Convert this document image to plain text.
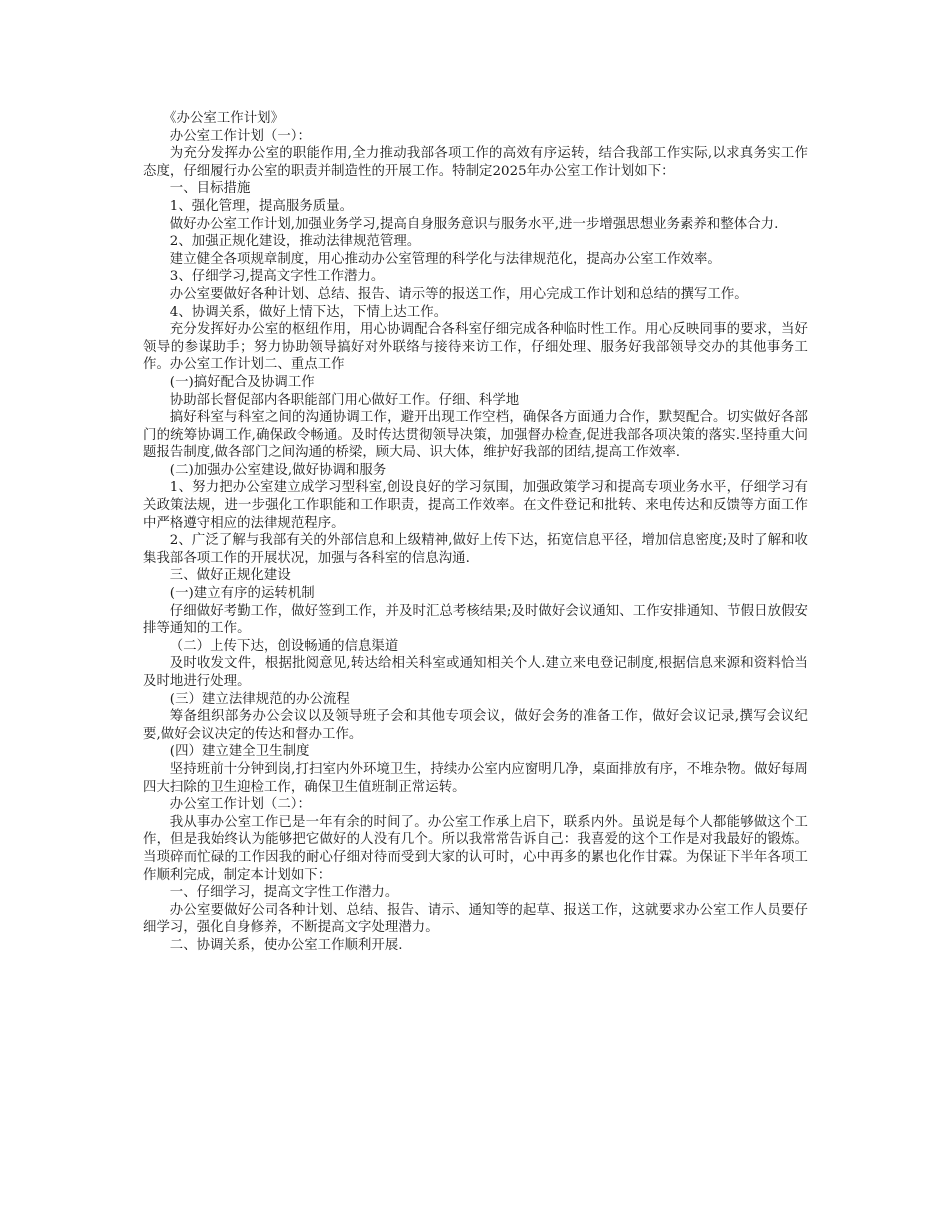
《办公室工作计划》

办公室工作计划（一）：

为充分发挥办公室的职能作用,全力推动我部各项工作的高效有序运转，结合我部工作实际,以求真务实工作态度，仔细履行办公室的职责并制造性的开展工作。特制定2025年办公室工作计划如下：

一、目标措施

1、强化管理，提高服务质量。

做好办公室工作计划,加强业务学习,提高自身服务意识与服务水平,进一步增强思想业务素养和整体合力.

2、加强正规化建设，推动法律规范管理。

建立健全各项规章制度，用心推动办公室管理的科学化与法律规范化，提高办公室工作效率。

3、仔细学习,提高文字性工作潜力。

办公室要做好各种计划、总结、报告、请示等的报送工作，用心完成工作计划和总结的撰写工作。

4、协调关系，做好上情下达，下情上达工作。

充分发挥好办公室的枢纽作用，用心协调配合各科室仔细完成各种临时性工作。用心反映同事的要求，当好领导的参谋助手；努力协助领导搞好对外联络与接待来访工作，仔细处理、服务好我部领导交办的其他事务工作。办公室工作计划二、重点工作

(一)搞好配合及协调工作

协助部长督促部内各职能部门用心做好工作。仔细、科学地

搞好科室与科室之间的沟通协调工作，避开出现工作空档，确保各方面通力合作，默契配合。切实做好各部门的统筹协调工作,确保政令畅通。及时传达贯彻领导决策，加强督办检查,促进我部各项决策的落实.坚持重大问题报告制度,做各部门之间沟通的桥梁，顾大局、识大体，维护好我部的团结,提高工作效率.

(二)加强办公室建设,做好协调和服务

1、努力把办公室建立成学习型科室,创设良好的学习氛围，加强政策学习和提高专项业务水平，仔细学习有关政策法规，进一步强化工作职能和工作职责，提高工作效率。在文件登记和批转、来电传达和反馈等方面工作中严格遵守相应的法律规范程序。

2、广泛了解与我部有关的外部信息和上级精神,做好上传下达，拓宽信息平径，增加信息密度;及时了解和收集我部各项工作的开展状况，加强与各科室的信息沟通.

三、做好正规化建设

(一)建立有序的运转机制

仔细做好考勤工作，做好签到工作，并及时汇总考核结果;及时做好会议通知、工作安排通知、节假日放假安排等通知的工作。

（二）上传下达，创设畅通的信息渠道

及时收发文件，根据批阅意见,转达给相关科室或通知相关个人.建立来电登记制度,根据信息来源和资料恰当及时地进行处理。

(三）建立法律规范的办公流程

筹备组织部务办公会议以及领导班子会和其他专项会议，做好会务的准备工作，做好会议记录,撰写会议纪要,做好会议决定的传达和督办工作。

(四）建立建全卫生制度

坚持班前十分钟到岗,打扫室内外环境卫生，持续办公室内应窗明几净，桌面排放有序，不堆杂物。做好每周四大扫除的卫生迎检工作，确保卫生值班制正常运转。

办公室工作计划（二）：

我从事办公室工作已是一年有余的时间了。办公室工作承上启下，联系内外。虽说是每个人都能够做这个工作，但是我始终认为能够把它做好的人没有几个。所以我常常告诉自己：我喜爱的这个工作是对我最好的锻炼。当琐碎而忙碌的工作因我的耐心仔细对待而受到大家的认可时，心中再多的累也化作甘霖。为保证下半年各项工作顺利完成，制定本计划如下：

一、仔细学习，提高文字性工作潜力。

办公室要做好公司各种计划、总结、报告、请示、通知等的起草、报送工作，这就要求办公室工作人员要仔细学习，强化自身修养，不断提高文字处理潜力。

二、协调关系，使办公室工作顺利开展.
